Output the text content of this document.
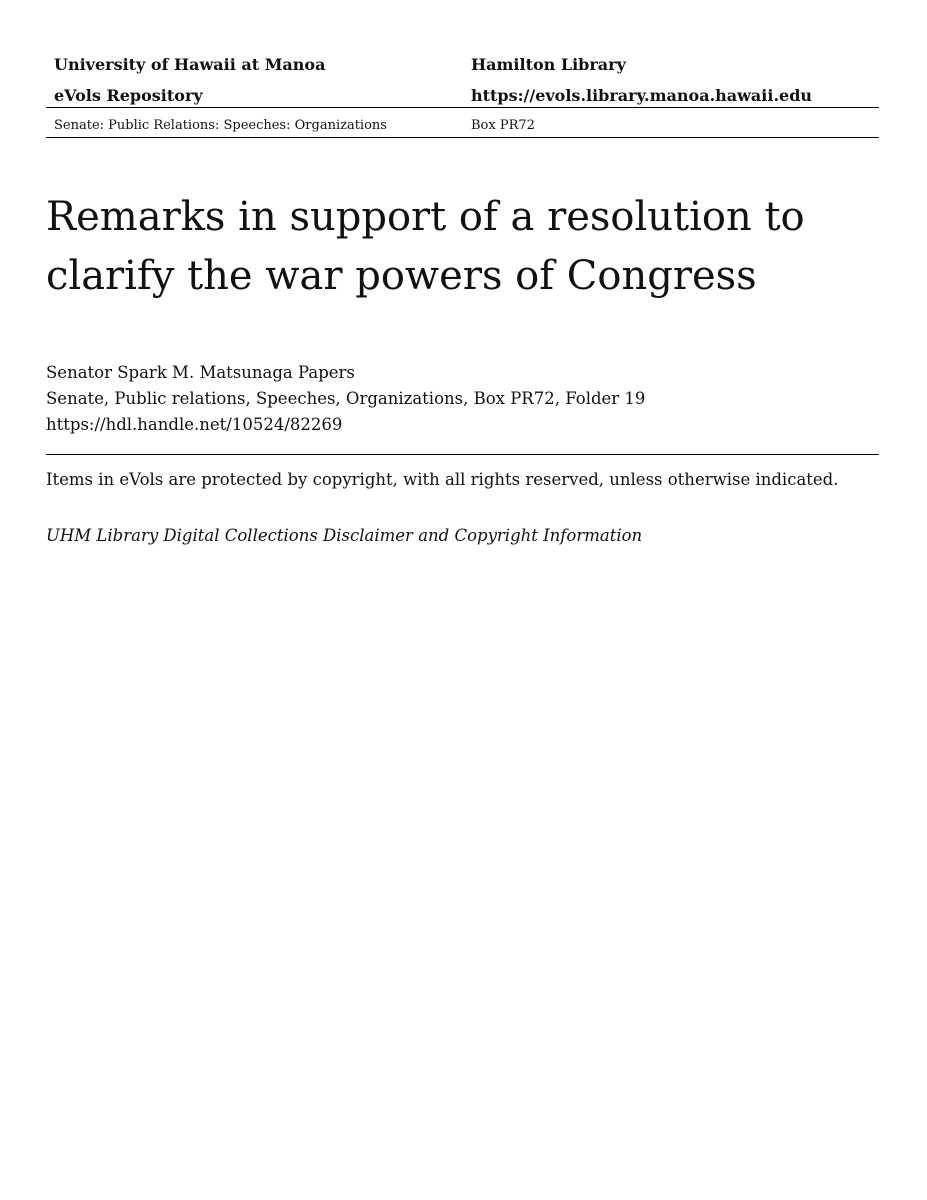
University of Hawaii at Manoa	Hamilton Library
eVols Repository	https://evols.library.manoa.hawaii.edu
Senate: Public Relations: Speeches: Organizations	Box PR72
Remarks in support of a resolution to
clarify the war powers of Congress
Senator Spark M. Matsunaga Papers
Senate, Public relations, Speeches, Organizations, Box PR72, Folder 19
https://hdl.handle.net/10524/82269
Items in eVols are protected by copyright, with all rights reserved, unless otherwise indicated.
UHM Library Digital Collections Disclaimer and Copyright Information
